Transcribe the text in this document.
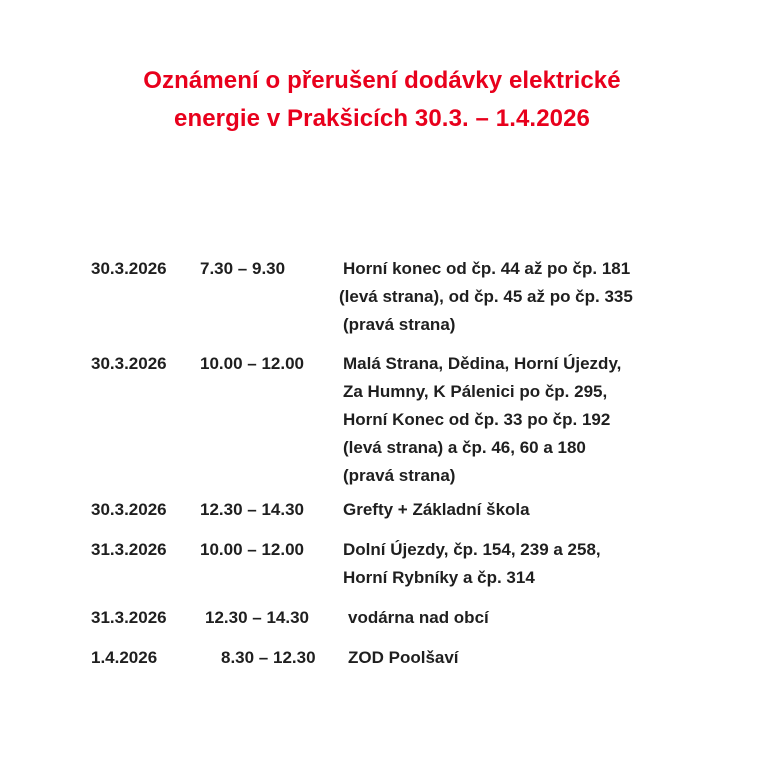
Oznámení o přerušení dodávky elektrické
energie v Prakšicích 30.3. – 1.4.2026
30.3.2026 7.30 – 9.30	Horní konec od čp. 44 až po čp. 181
(levá strana), od čp. 45 až po čp. 335
(pravá strana)
30.3.2026 10.00 – 12.00 Malá Strana, Dědina, Horní Újezdy,
Za Humny, K Pálenici po čp. 295,
Horní Konec od čp. 33 po čp. 192
(levá strana) a čp. 46, 60 a 180
(pravá strana)
30.3.2026 12.30 – 14.30 Grefty + Základní škola
31.3.2026 10.00 – 12.00 Dolní Újezdy, čp. 154, 239 a 258,
Horní Rybníky a čp. 314
31.3.2026 12.30 – 14.30 vodárna nad obcí
1.4.2026	8.30 – 12.30 ZOD Poolšaví
